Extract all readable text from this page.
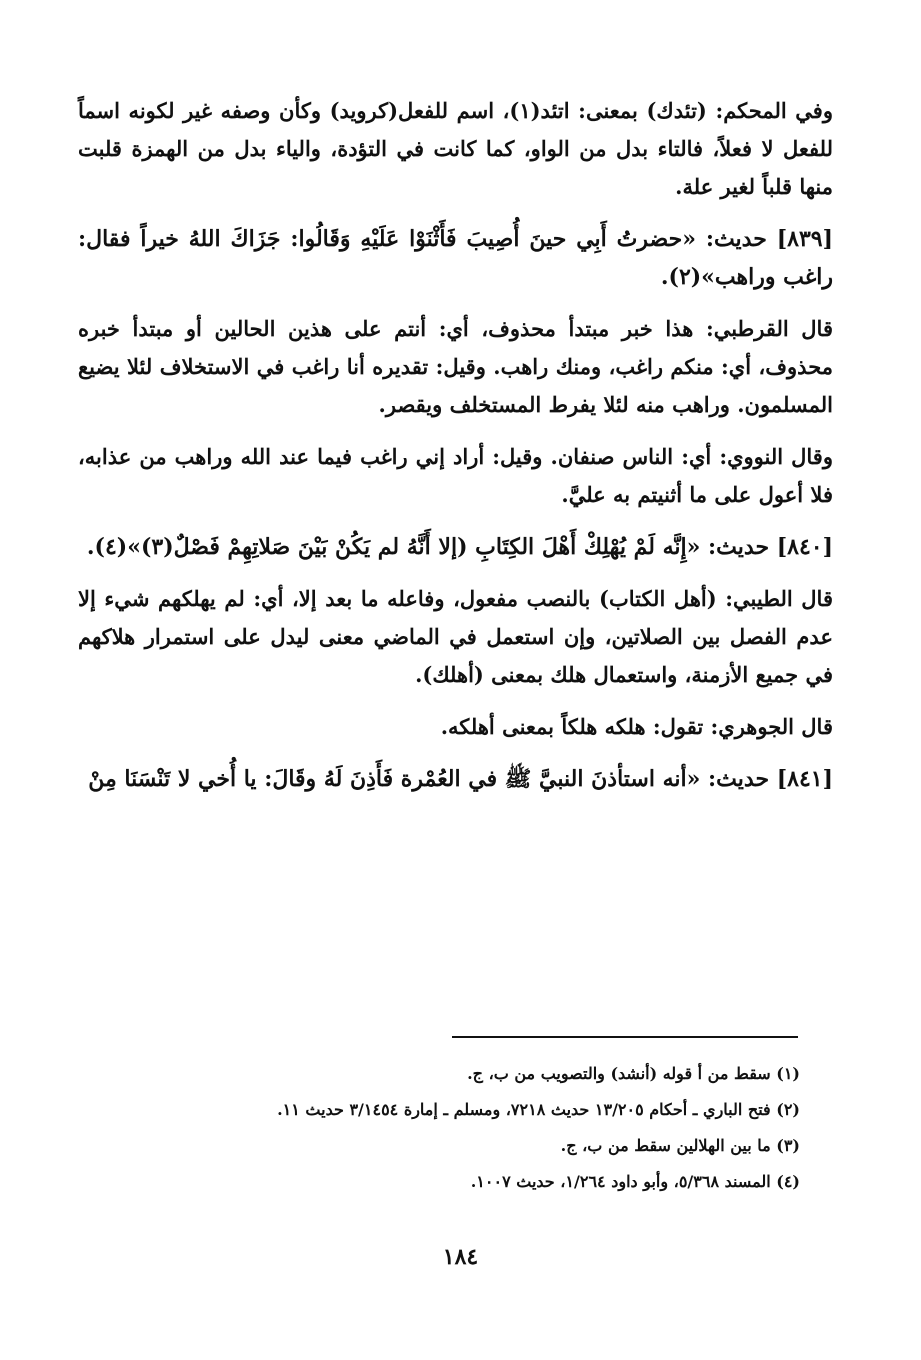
وفي المحكم: (تئدك) بمعنى: اتئد(١)، اسم للفعل(كرويد) وكأن وصفه غير لكونه اسماً للفعل لا فعلاً، فالتاء بدل من الواو، كما كانت في التؤدة، والياء بدل من الهمزة قلبت منها قلباً لغير علة.

[٨٣٩] حديث: «حضرتُ أَبِي حينَ أُصِيبَ فَأَثْنَوْا عَلَيْهِ وَقَالُوا: جَزَاكَ اللهُ خيراً فقال: راغب وراهب»(٢).

قال القرطبي: هذا خبر مبتدأ محذوف، أي: أنتم على هذين الحالين أو مبتدأ خبره محذوف، أي: منكم راغب، ومنك راهب. وقيل: تقديره أنا راغب في الاستخلاف لئلا يضيع المسلمون. وراهب منه لئلا يفرط المستخلف ويقصر.

وقال النووي: أي: الناس صنفان. وقيل: أراد إني راغب فيما عند الله وراهب من عذابه، فلا أعول على ما أثنيتم به عليَّ.

[٨٤٠] حديث: «إِنَّه لَمْ يُهْلِكْ أَهْلَ الكِتَابِ (إلا أَنَّهُ لم يَكُنْ بَيْنَ صَلاتِهِمْ فَصْلٌ(٣)»(٤).

قال الطيبي: (أهل الكتاب) بالنصب مفعول، وفاعله ما بعد إلا، أي: لم يهلكهم شيء إلا عدم الفصل بين الصلاتين، وإن استعمل في الماضي معنى ليدل على استمرار هلاكهم في جميع الأزمنة، واستعمال هلك بمعنى (أهلك).

قال الجوهري: تقول: هلكه هلكاً بمعنى أهلكه.

[٨٤١] حديث: «أنه استأذنَ النبيَّ ﷺ في العُمْرة فَأَذِنَ لَهُ وقَالَ: يا أُخي لا تَنْسَنَا مِنْ

(١) سقط من أ قوله (أنشد) والتصويب من ب، ج.
(٢) فتح الباري ـ أحكام ١٣/٢٠٥ حديث ٧٢١٨، ومسلم ـ إمارة ٣/١٤٥٤ حديث ١١.
(٣) ما بين الهلالين سقط من ب، ج.
(٤) المسند ٥/٣٦٨، وأبو داود ١/٢٦٤، حديث ١٠٠٧.
١٨٤
